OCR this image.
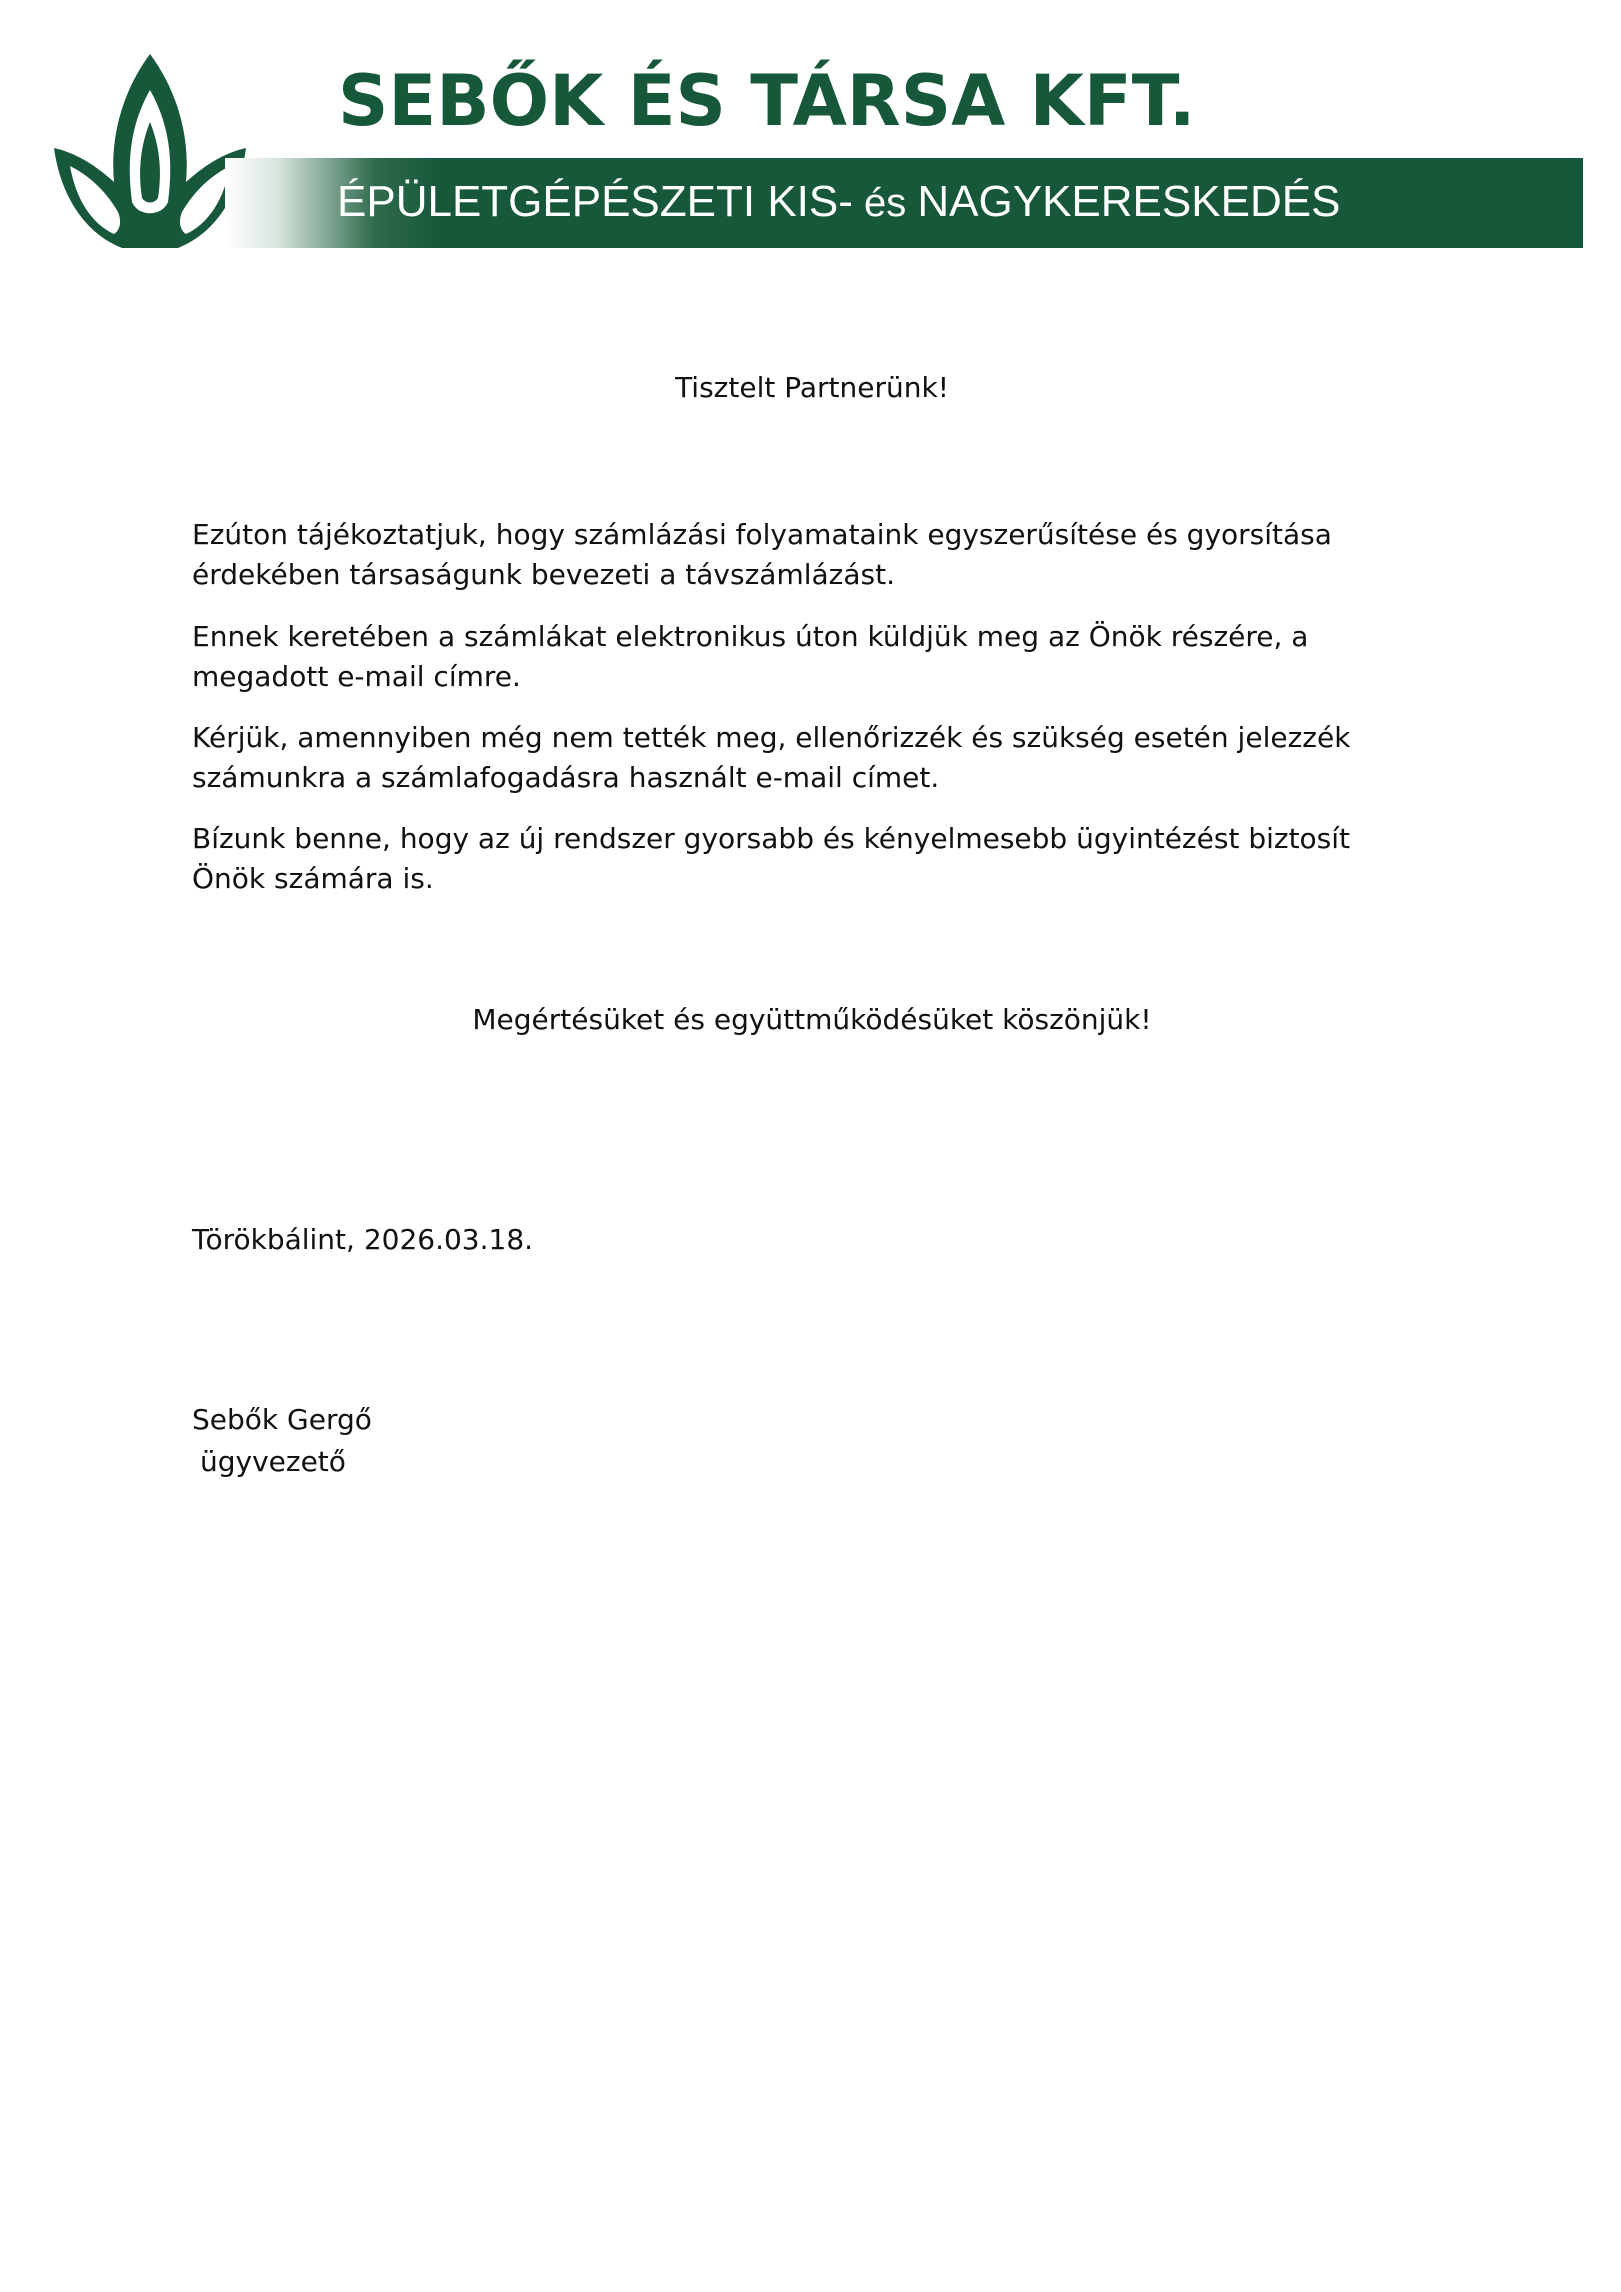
SEBŐK ÉS TÁRSA KFT.
ÉPÜLETGÉPÉSZETI KIS- és NAGYKERESKEDÉS
Tisztelt Partnerünk!

Ezúton tájékoztatjuk, hogy számlázási folyamataink egyszerűsítése és gyorsítása érdekében társaságunk bevezeti a távszámlázást.

Ennek keretében a számlákat elektronikus úton küldjük meg az Önök részére, a megadott e-mail címre.

Kérjük, amennyiben még nem tették meg, ellenőrizzék és szükség esetén jelezzék számunkra a számlafogadásra használt e-mail címet.

Bízunk benne, hogy az új rendszer gyorsabb és kényelmesebb ügyintézést biztosít Önök számára is.

Megértésüket és együttműködésüket köszönjük!
Törökbálint, 2026.03.18.
Sebők Gergő
ügyvezető
